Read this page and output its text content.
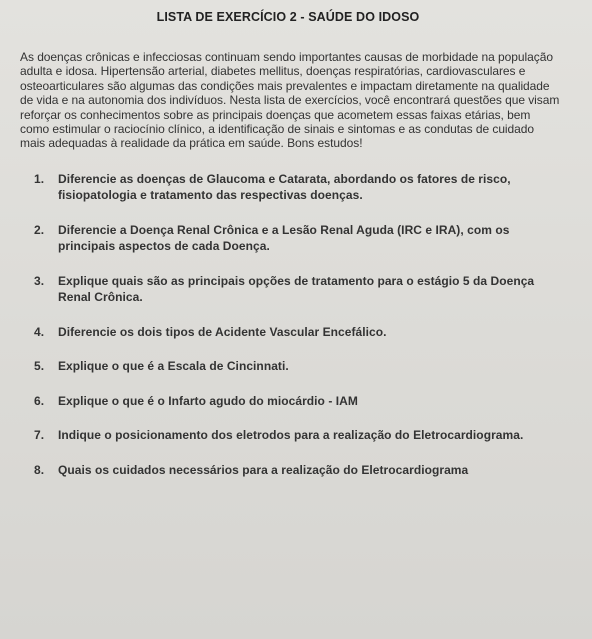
LISTA DE EXERCÍCIO 2 - SAÚDE DO IDOSO

As doenças crônicas e infecciosas continuam sendo importantes causas de morbidade na população adulta e idosa. Hipertensão arterial, diabetes mellitus, doenças respiratórias, cardiovasculares e osteoarticulares são algumas das condições mais prevalentes e impactam diretamente na qualidade de vida e na autonomia dos indivíduos. Nesta lista de exercícios, você encontrará questões que visam reforçar os conhecimentos sobre as principais doenças que acometem essas faixas etárias, bem como estimular o raciocínio clínico, a identificação de sinais e sintomas e as condutas de cuidado mais adequadas à realidade da prática em saúde. Bons estudos!

1.	Diferencie as doenças de Glaucoma e Catarata, abordando os fatores de risco, fisiopatologia e tratamento das respectivas doenças.
2.	Diferencie a Doença Renal Crônica e a Lesão Renal Aguda (IRC e IRA), com os principais aspectos de cada Doença.
3.	Explique quais são as principais opções de tratamento para o estágio 5 da Doença Renal Crônica.
4.	Diferencie os dois tipos de Acidente Vascular Encefálico.
5.	Explique o que é a Escala de Cincinnati.
6.	Explique o que é o Infarto agudo do miocárdio - IAM
7.	Indique o posicionamento dos eletrodos para a realização do Eletrocardiograma.
8.	Quais os cuidados necessários para a realização do Eletrocardiograma
